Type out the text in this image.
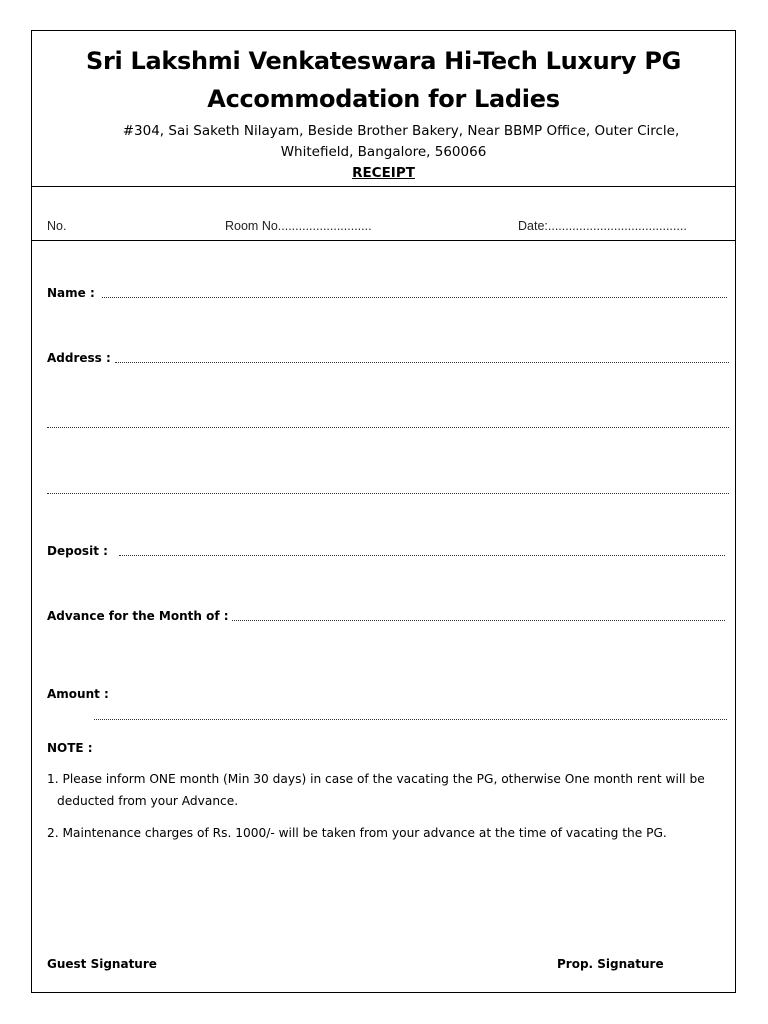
Sri Lakshmi Venkateswara Hi-Tech Luxury PG
Accommodation for Ladies
#304, Sai Saketh Nilayam, Beside Brother Bakery, Near BBMP Office, Outer Circle,
Whitefield, Bangalore, 560066
RECEIPT
No.	Room No...........................	Date:........................................
Name :
Address :
Deposit :
Advance for the Month of :
Amount :
NOTE :
1. Please inform ONE month (Min 30 days) in case of the vacating the PG, otherwise One month rent will be deducted from your Advance.
2. Maintenance charges of Rs. 1000/- will be taken from your advance at the time of vacating the PG.
Guest Signature	Prop. Signature
